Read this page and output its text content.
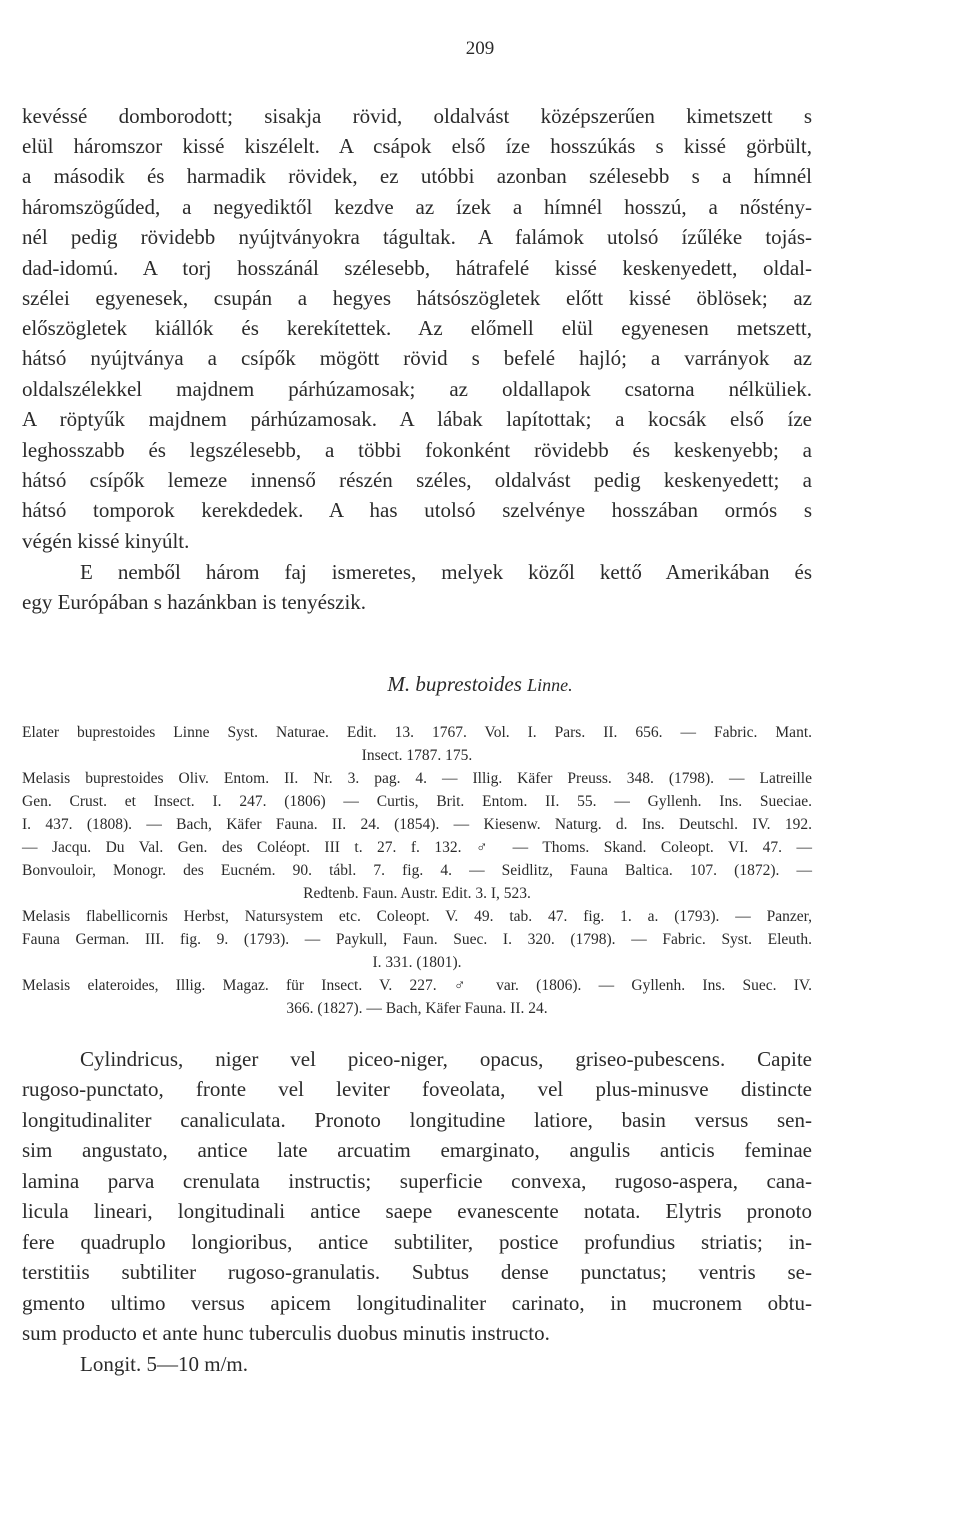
209
kevéssé domborodott; sisakja rövid, oldalvást középszerűen kimetszett s
elül háromszor kissé kiszélelt. A csápok első íze hosszúkás s kissé görbült,
a második és harmadik rövidek, ez utóbbi azonban szélesebb s a hímnél
háromszögűded, a negyediktől kezdve az ízek a hímnél hosszú, a nőstény-
nél pedig rövidebb nyújtványokra tágultak. A falámok utolsó ízűléke tojás-
dad-idomú. A torj hosszánál szélesebb, hátrafelé kissé keskenyedett, oldal-
szélei egyenesek, csupán a hegyes hátsószögletek előtt kissé öblösek; az
előszögletek kiállók és kerekítettek. Az előmell elül egyenesen metszett,
hátsó nyújtványa a csípők mögött rövid s befelé hajló; a varrányok az
oldalszélekkel majdnem párhúzamosak; az oldallapok csatorna nélküliek.
A röptyűk majdnem párhúzamosak. A lábak lapítottak; a kocsák első íze
leghosszabb és legszélesebb, a többi fokonként rövidebb és keskenyebb; a
hátsó csípők lemeze innenső részén széles, oldalvást pedig keskenyedett; a
hátsó tomporok kerekdedek. A has utolsó szelvénye hosszában ormós s
végén kissé kinyúlt.
E nemből három faj ismeretes, melyek közől kettő Amerikában és
egy Európában s hazánkban is tenyészik.
M. buprestoides Linne.
Elater buprestoides Linne Syst. Naturae. Edit. 13. 1767. Vol. I. Pars. II. 656. — Fabric. Mant.
Insect. 1787. 175.
Melasis buprestoides Oliv. Entom. II. Nr. 3. pag. 4. — Illig. Käfer Preuss. 348. (1798). — Latreille
Gen. Crust. et Insect. I. 247. (1806) — Curtis, Brit. Entom. II. 55. — Gyllenh. Ins. Sueciae.
I. 437. (1808). — Bach, Käfer Fauna. II. 24. (1854). — Kiesenw. Naturg. d. Ins. Deutschl. IV. 192.
— Jacqu. Du Val. Gen. des Coléopt. III t. 27. f. 132. ♂ — Thoms. Skand. Coleopt. VI. 47. —
Bonvouloir, Monogr. des Eucném. 90. tábl. 7. fig. 4. — Seidlitz, Fauna Baltica. 107. (1872). —
Redtenb. Faun. Austr. Edit. 3. I, 523.
Melasis flabellicornis Herbst, Natursystem etc. Coleopt. V. 49. tab. 47. fig. 1. a. (1793). — Panzer,
Fauna German. III. fig. 9. (1793). — Paykull, Faun. Suec. I. 320. (1798). — Fabric. Syst. Eleuth.
I. 331. (1801).
Melasis elateroides, Illig. Magaz. für Insect. V. 227. ♂ var. (1806). — Gyllenh. Ins. Suec. IV.
366. (1827). — Bach, Käfer Fauna. II. 24.
Cylindricus, niger vel piceo-niger, opacus, griseo-pubescens. Capite
rugoso-punctato, fronte vel leviter foveolata, vel plus-minusve distincte
longitudinaliter canaliculata. Pronoto longitudine latiore, basin versus sen-
sim angustato, antice late arcuatim emarginato, angulis anticis feminae
lamina parva crenulata instructis; superficie convexa, rugoso-aspera, cana-
licula lineari, longitudinali antice saepe evanescente notata. Elytris pronoto
fere quadruplo longioribus, antice subtiliter, postice profundius striatis; in-
terstitiis subtiliter rugoso-granulatis. Subtus dense punctatus; ventris se-
gmento ultimo versus apicem longitudinaliter carinato, in mucronem obtu-
sum producto et ante hunc tuberculis duobus minutis instructo.
Longit. 5—10 m/m.
